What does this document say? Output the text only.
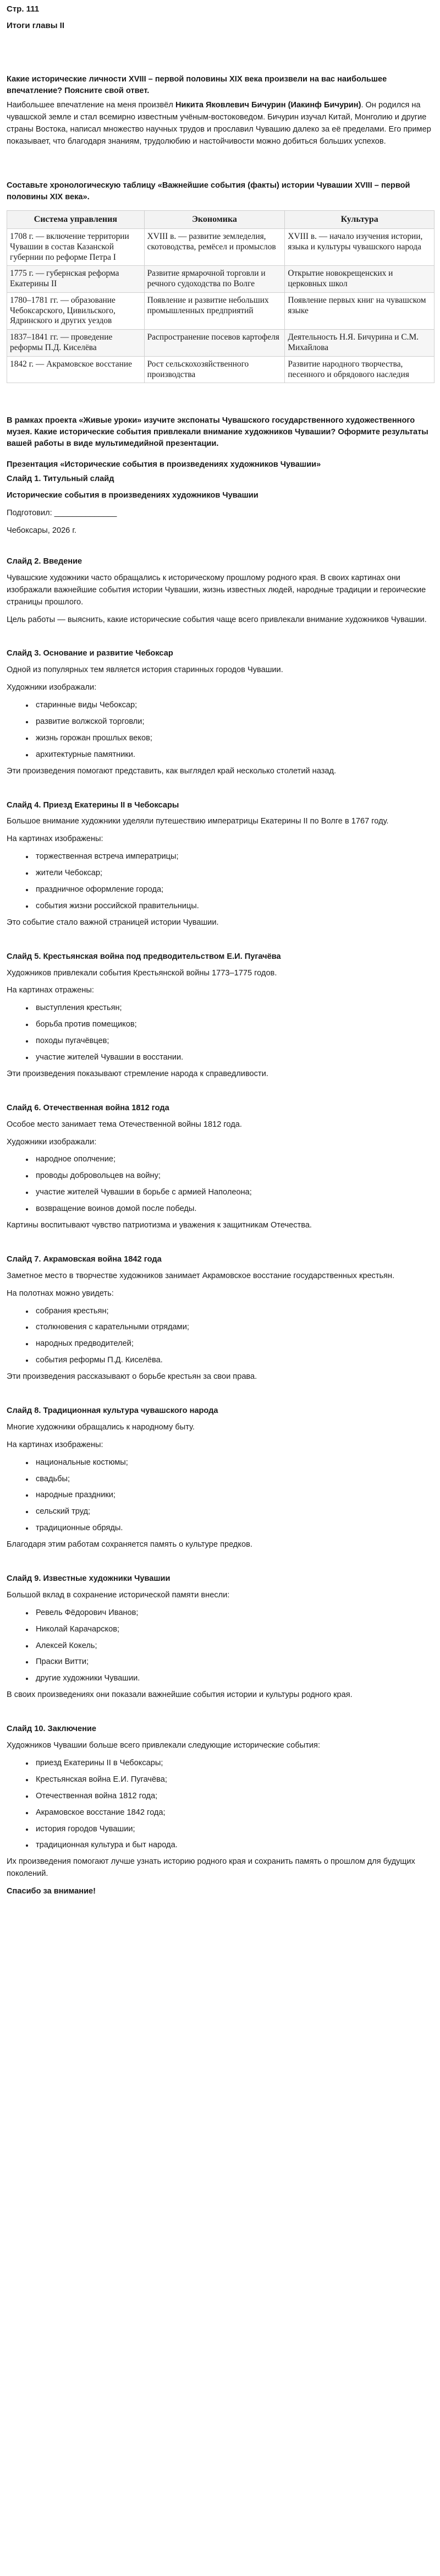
Стр. 111
Итоги главы II
Какие исторические личности XVIII – первой половины XIX века произвели на вас наибольшее впечатление? Поясните свой ответ.

Наибольшее впечатление на меня произвёл Никита Яковлевич Бичурин (Иакинф Бичурин). Он родился на чувашской земле и стал всемирно известным учёным-востоковедом. Бичурин изучал Китай, Монголию и другие страны Востока, написал множество научных трудов и прославил Чувашию далеко за её пределами. Его пример показывает, что благодаря знаниям, трудолюбию и настойчивости можно добиться больших успехов.

Составьте хронологическую таблицу «Важнейшие события (факты) истории Чувашии XVIII – первой половины XIX века».
Система управления	Экономика	Культура
1708 г. — включение территории Чувашии в состав Казанской губернии по реформе Петра I	XVIII в. — развитие земледелия, скотоводства, ремёсел и промыслов	XVIII в. — начало изучения истории, языка и культуры чувашского народа
1775 г. — губернская реформа Екатерины II	Развитие ярмарочной торговли и речного судоходства по Волге	Открытие новокрещенских и церковных школ
1780–1781 гг. — образование Чебоксарского, Цивильского, Ядринского и других уездов	Появление и развитие небольших промышленных предприятий	Появление первых книг на чувашском языке
1837–1841 гг. — проведение реформы П.Д. Киселёва	Распространение посевов картофеля	Деятельность Н.Я. Бичурина и С.М. Михайлова
1842 г. — Акрамовское восстание	Рост сельскохозяйственного производства	Развитие народного творчества, песенного и обрядового наследия
В рамках проекта «Живые уроки» изучите экспонаты Чувашского государственного художественного музея. Какие исторические события привлекали внимание художников Чувашии? Оформите результаты вашей работы в виде мультимедийной презентации.
Презентация «Исторические события в произведениях художников Чувашии»
Слайд 1. Титульный слайд
Исторические события в произведениях художников Чувашии

Подготовил: ______________

Чебоксары, 2026 г.

Слайд 2. Введение

Чувашские художники часто обращались к историческому прошлому родного края. В своих картинах они изображали важнейшие события истории Чувашии, жизнь известных людей, народные традиции и героические страницы прошлого.

Цель работы — выяснить, какие исторические события чаще всего привлекали внимание художников Чувашии.

Слайд 3. Основание и развитие Чебоксар

Одной из популярных тем является история старинных городов Чувашии.

Художники изображали:

• старинные виды Чебоксар;
• развитие волжской торговли;
• жизнь горожан прошлых веков;
• архитектурные памятники.

Эти произведения помогают представить, как выглядел край несколько столетий назад.

Слайд 4. Приезд Екатерины II в Чебоксары

Большое внимание художники уделяли путешествию императрицы Екатерины II по Волге в 1767 году.

На картинах изображены:

• торжественная встреча императрицы;
• жители Чебоксар;
• праздничное оформление города;
• события жизни российской правительницы.

Это событие стало важной страницей истории Чувашии.

Слайд 5. Крестьянская война под предводительством Е.И. Пугачёва

Художников привлекали события Крестьянской войны 1773–1775 годов.

На картинах отражены:

• выступления крестьян;
• борьба против помещиков;
• походы пугачёвцев;
• участие жителей Чувашии в восстании.

Эти произведения показывают стремление народа к справедливости.

Слайд 6. Отечественная война 1812 года

Особое место занимает тема Отечественной войны 1812 года.

Художники изображали:

• народное ополчение;
• проводы добровольцев на войну;
• участие жителей Чувашии в борьбе с армией Наполеона;
• возвращение воинов домой после победы.

Картины воспитывают чувство патриотизма и уважения к защитникам Отечества.

Слайд 7. Акрамовская война 1842 года

Заметное место в творчестве художников занимает Акрамовское восстание государственных крестьян.

На полотнах можно увидеть:

• собрания крестьян;
• столкновения с карательными отрядами;
• народных предводителей;
• события реформы П.Д. Киселёва.

Эти произведения рассказывают о борьбе крестьян за свои права.

Слайд 8. Традиционная культура чувашского народа

Многие художники обращались к народному быту.

На картинах изображены:

• национальные костюмы;
• свадьбы;
• народные праздники;
• сельский труд;
• традиционные обряды.

Благодаря этим работам сохраняется память о культуре предков.

Слайд 9. Известные художники Чувашии

Большой вклад в сохранение исторической памяти внесли:

• Ревель Фёдорович Иванов;
• Николай Карачарсков;
• Алексей Кокель;
• Праски Витти;
• другие художники Чувашии.

В своих произведениях они показали важнейшие события истории и культуры родного края.

Слайд 10. Заключение

Художников Чувашии больше всего привлекали следующие исторические события:

• приезд Екатерины II в Чебоксары;
• Крестьянская война Е.И. Пугачёва;
• Отечественная война 1812 года;
• Акрамовское восстание 1842 года;
• история городов Чувашии;
• традиционная культура и быт народа.

Их произведения помогают лучше узнать историю родного края и сохранить память о прошлом для будущих поколений.

Спасибо за внимание!
